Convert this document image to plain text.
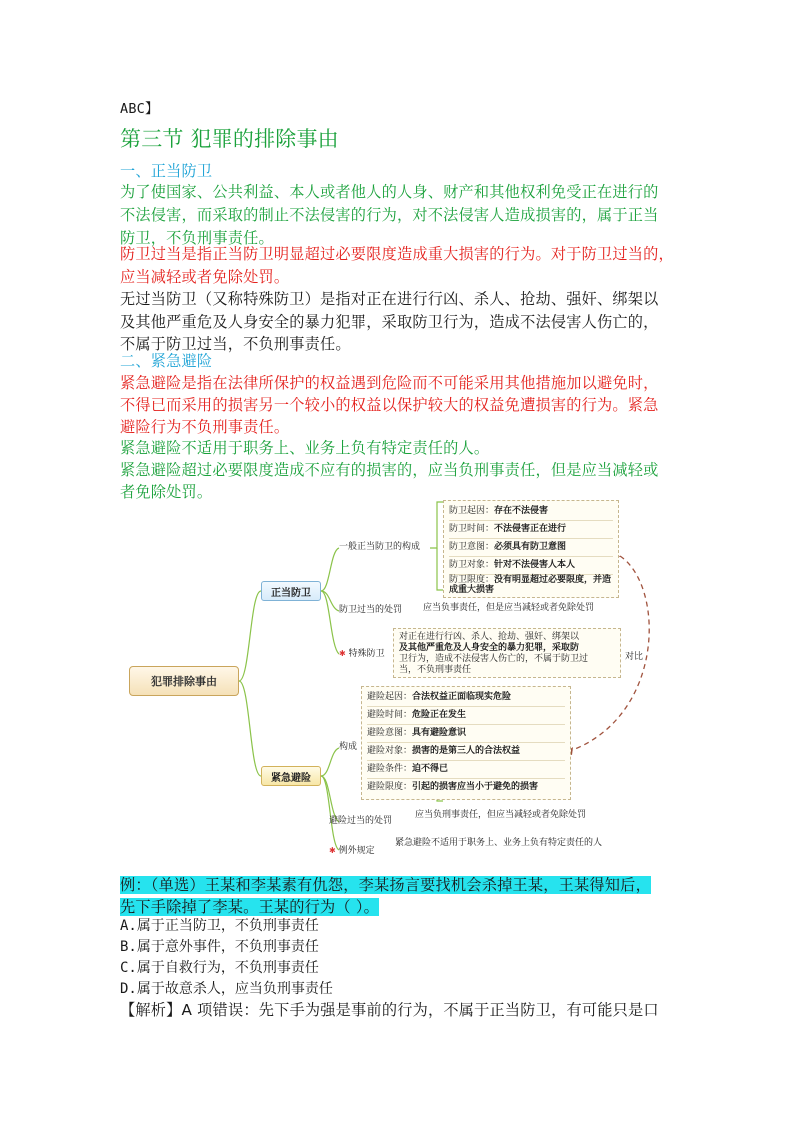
ABC】
第三节 犯罪的排除事由
一、正当防卫
为了使国家、公共利益、本人或者他人的人身、财产和其他权利免受正在进行的
不法侵害，而采取的制止不法侵害的行为，对不法侵害人造成损害的，属于正当
防卫，不负刑事责任。
防卫过当是指正当防卫明显超过必要限度造成重大损害的行为。对于防卫过当的，
应当减轻或者免除处罚。
无过当防卫（又称特殊防卫）是指对正在进行行凶、杀人、抢劫、强奸、绑架以
及其他严重危及人身安全的暴力犯罪，采取防卫行为，造成不法侵害人伤亡的，
不属于防卫过当，不负刑事责任。
二、紧急避险
紧急避险是指在法律所保护的权益遇到危险而不可能采用其他措施加以避免时，
不得已而采用的损害另一个较小的权益以保护较大的权益免遭损害的行为。紧急
避险行为不负刑事责任。
紧急避险不适用于职务上、业务上负有特定责任的人。
紧急避险超过必要限度造成不应有的损害的，应当负刑事责任，但是应当减轻或
者免除处罚。
犯罪排除事由
正当防卫
紧急避险
一般正当防卫的构成
防卫过当的处罚
✱ 特殊防卫
防卫起因：存在不法侵害
防卫时间：不法侵害正在进行
防卫意图：必须具有防卫意图
防卫对象：针对不法侵害人本人
防卫限度：没有明显超过必要限度，并造成重大损害
应当负事责任，但是应当减轻或者免除处罚
对正在进行行凶、杀人、抢劫、强奸、绑架以
及其他严重危及人身安全的暴力犯罪，采取防
卫行为，造成不法侵害人伤亡的，不属于防卫过
当，不负刑事责任
对比
构成
避险起因：合法权益正面临现实危险
避险时间：危险正在发生
避险意图：具有避险意识
避险对象：损害的是第三人的合法权益
避险条件：迫不得已
避险限度：引起的损害应当小于避免的损害
避险过当的处罚
应当负刑事责任，但应当减轻或者免除处罚
✱ 例外规定
紧急避险不适用于职务上、业务上负有特定责任的人
例：（单选）王某和李某素有仇怨，李某扬言要找机会杀掉王某，王某得知后，
先下手除掉了李某。王某的行为（ ）。
A.属于正当防卫，不负刑事责任
B.属于意外事件，不负刑事责任
C.属于自救行为，不负刑事责任
D.属于故意杀人，应当负刑事责任
【解析】A 项错误：先下手为强是事前的行为，不属于正当防卫，有可能只是口
